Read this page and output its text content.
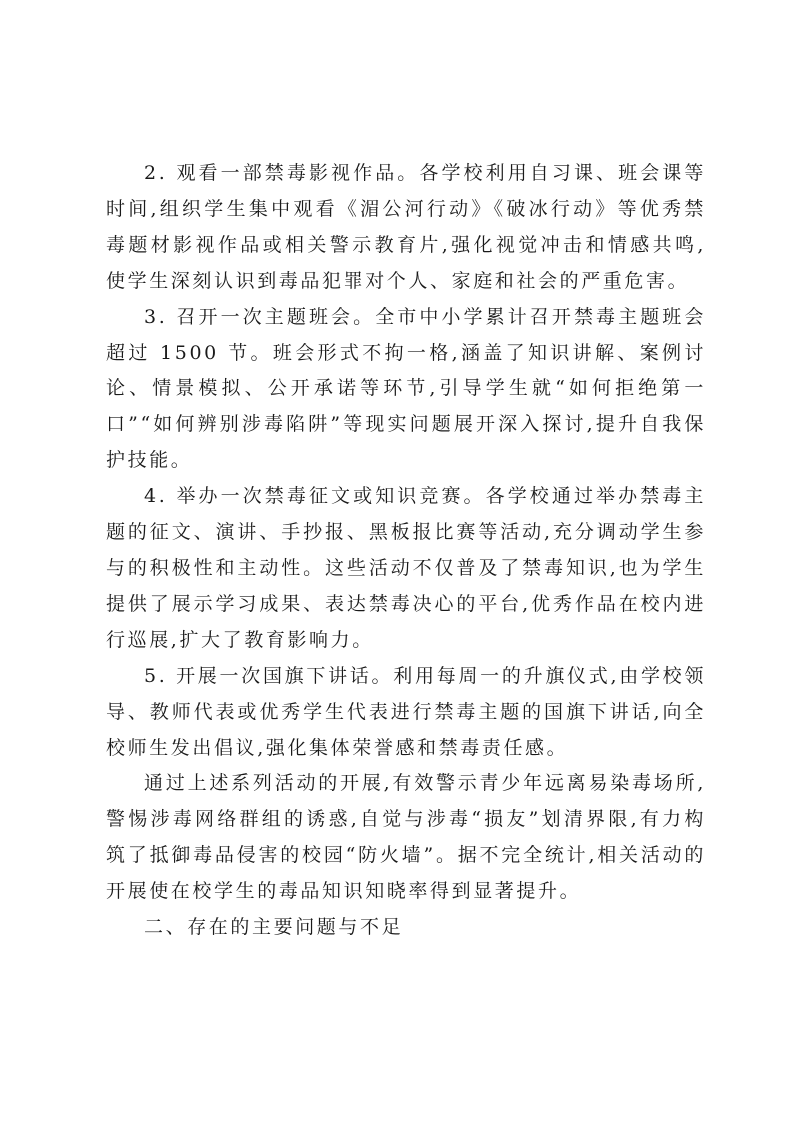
2. 观看一部禁毒影视作品。各学校利用自习课、班会课等时间,组织学生集中观看《湄公河行动》《破冰行动》等优秀禁毒题材影视作品或相关警示教育片,强化视觉冲击和情感共鸣,使学生深刻认识到毒品犯罪对个人、家庭和社会的严重危害。

3. 召开一次主题班会。全市中小学累计召开禁毒主题班会超过 1500 节。班会形式不拘一格,涵盖了知识讲解、案例讨论、情景模拟、公开承诺等环节,引导学生就“如何拒绝第一口”“如何辨别涉毒陷阱”等现实问题展开深入探讨,提升自我保护技能。

4. 举办一次禁毒征文或知识竞赛。各学校通过举办禁毒主题的征文、演讲、手抄报、黑板报比赛等活动,充分调动学生参与的积极性和主动性。这些活动不仅普及了禁毒知识,也为学生提供了展示学习成果、表达禁毒决心的平台,优秀作品在校内进行巡展,扩大了教育影响力。

5. 开展一次国旗下讲话。利用每周一的升旗仪式,由学校领导、教师代表或优秀学生代表进行禁毒主题的国旗下讲话,向全校师生发出倡议,强化集体荣誉感和禁毒责任感。

通过上述系列活动的开展,有效警示青少年远离易染毒场所,警惕涉毒网络群组的诱惑,自觉与涉毒“损友”划清界限,有力构筑了抵御毒品侵害的校园“防火墙”。据不完全统计,相关活动的开展使在校学生的毒品知识知晓率得到显著提升。

二、存在的主要问题与不足
